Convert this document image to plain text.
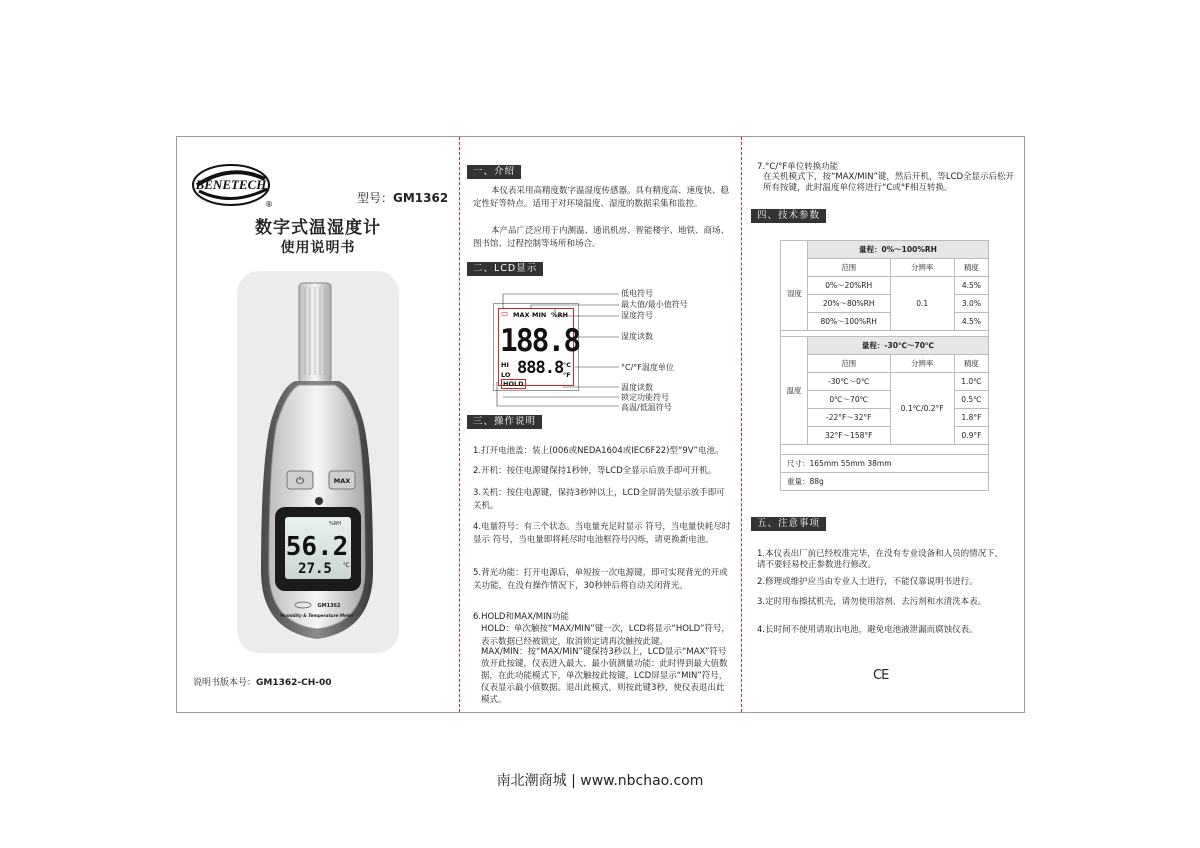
BENETECH
®	型号：GM1362
数字式温湿度计
使用说明书
⏻	MAX
%RH
56.2
27.5 ℃
GM1362
Humidity & Temperature Meter
说明书版本号：GM1362-CH-00
一、介绍
本仪表采用高精度数字温湿度传感器。具有精度高、速度快、稳定性好等特点。适用于对环境温度、湿度的数据采集和监控。
本产品广泛应用于内测温、通讯机房、智能楼宇、地铁、商场、图书馆、过程控制等场所和场合。
二、LCD显示
▭ MAX MIN %RH
188.8
HI
LO 888.8 °C
°F
HOLD
低电符号
最大值/最小值符号
湿度符号
湿度读数
°C/°F温度单位
温度读数
锁定功能符号
高温/低温符号
三、操作说明
1.打开电池盖：装上(006或NEDA1604或IEC6F22)型“9V”电池。
2.开机：按住电源键保持1秒钟，等LCD全显示后放手即可开机。
3.关机：按住电源键，保持3秒钟以上，LCD全屏消失显示放手即可关机。
4.电量符号：有三个状态。当电量充足时显示 符号，当电量快耗尽时显示 符号，当电量即将耗尽时电池框符号闪烁，请更换新电池。
5.背光功能：打开电源后，单短按一次电源键，即可实现背光的开或关功能，在没有操作情况下，30秒钟后将自动关闭背光。
6.HOLD和MAX/MIN功能
HOLD：单次触按“MAX/MIN”键一次，LCD将显示“HOLD”符号，表示数据已经被锁定，取消锁定请再次触按此键。
MAX/MIN：按“MAX/MIN”键保持3秒以上，LCD显示“MAX”符号放开此按键，仪表进入最大、最小值测量功能：此时得到最大值数据，在此功能模式下，单次触按此按键，LCD屏显示“MIN”符号，仪表显示最小值数据。退出此模式，则按此键3秒，使仪表退出此模式。
7.°C/°F单位转换功能
在关机模式下，按“MAX/MIN”键，然后开机，等LCD全显示后松开所有按键，此时温度单位将进行“C或°F相互转换。
四、技术参数
	量程：0%～100%RH		
	范围	分辨率	精度
	0%～20%RH	0.1	4.5%
	20%～80%RH		3.0%
	80%～100%RH		4.5%

温度	量程：-30℃～70℃		
	范围	分辨率	精度
	-30℃～0℃	0.1℃/0.2°F	1.0℃
	0℃～70℃		0.5℃
	-22°F～32°F		1.8°F
	32°F～158°F		0.9°F

尺寸：165mm 55mm 38mm			
重量：88g			
湿度
五、注意事项
1.本仪表出厂前已经校准完毕，在没有专业设备和人员的情况下，请不要轻易校正参数进行修改。
2.修理或维护应当由专业人士进行，不能仅靠说明书进行。
3.定时用布擦拭机壳，请勿使用溶剂、去污剂和水清洗本表。
4.长时间不使用请取出电池，避免电池液泄漏而腐蚀仪表。
CE
南北潮商城 | www.nbchao.com
